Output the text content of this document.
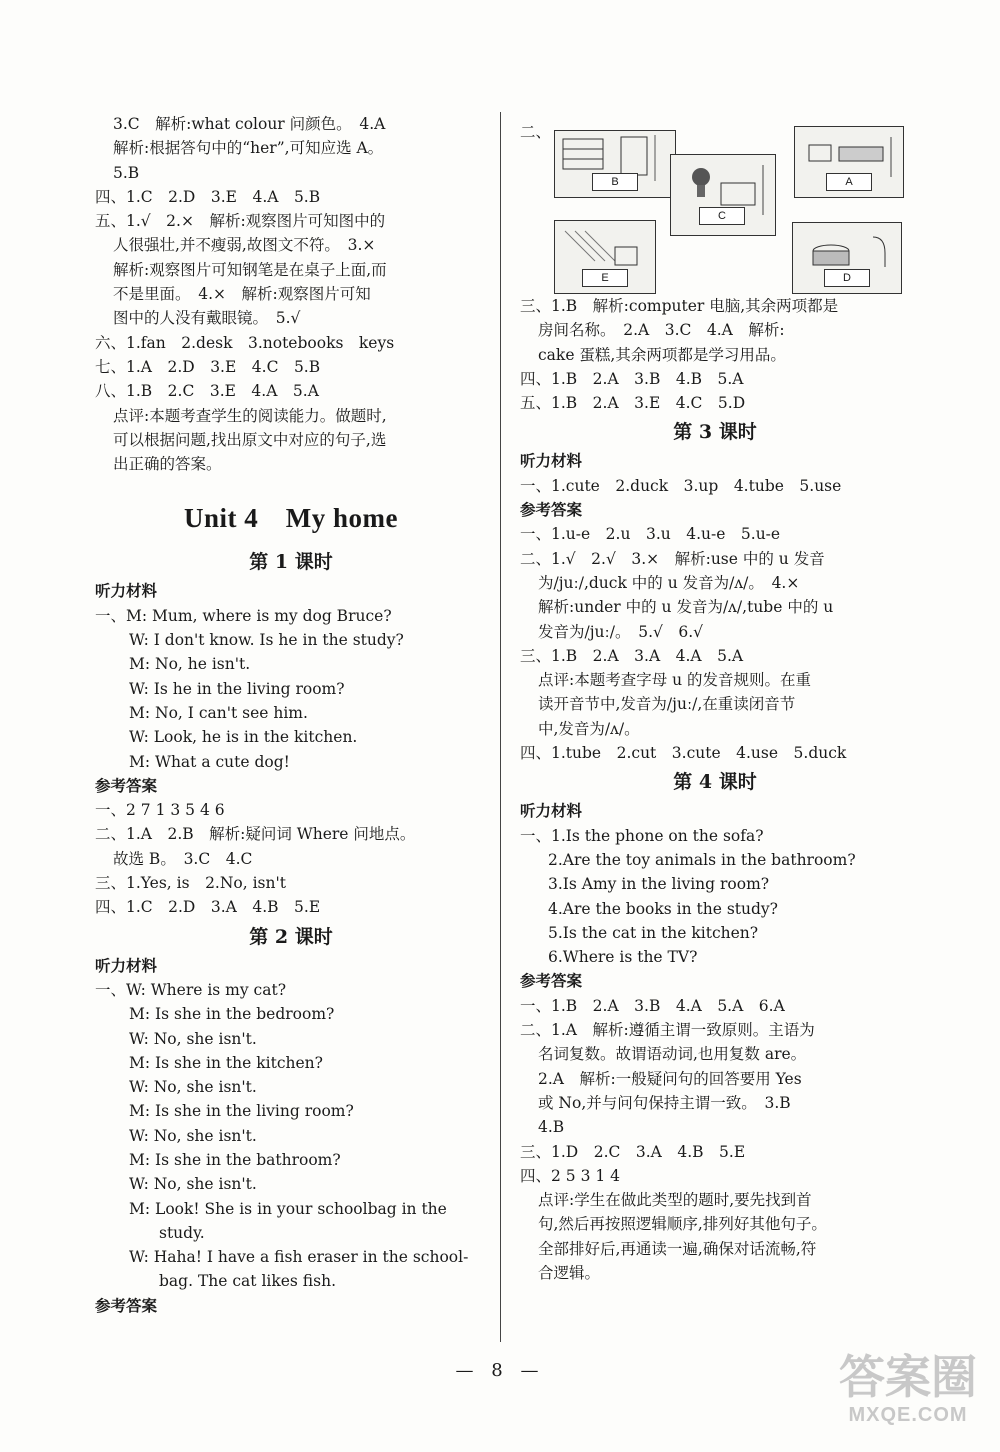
3.C　解析:what colour 问颜色。　4.A
解析:根据答句中的“her”,可知应选 A。
5.B
四、1.C　2.D　3.E　4.A　5.B
五、1.√　2.×　解析:观察图片可知图中的
人很强壮,并不瘦弱,故图文不符。　3.×
解析:观察图片可知钢笔是在桌子上面,而
不是里面。　4.×　解析:观察图片可知
图中的人没有戴眼镜。　5.√
六、1.fan　2.desk　3.notebooks　keys
七、1.A　2.D　3.E　4.C　5.B
八、1.B　2.C　3.E　4.A　5.A
点评:本题考查学生的阅读能力。做题时,
可以根据问题,找出原文中对应的句子,选
出正确的答案。
Unit 4　My home
第 1 课时
听力材料
一、M: Mum, where is my dog Bruce?
W: I don't know. Is he in the study?
M: No, he isn't.
W: Is he in the living room?
M: No, I can't see him.
W: Look, he is in the kitchen.
M: What a cute dog!
参考答案
一、2 7 1 3 5 4 6
二、1.A　2.B　解析:疑问词 Where 问地点。
故选 B。　3.C　4.C
三、1.Yes, is　2.No, isn't
四、1.C　2.D　3.A　4.B　5.E
第 2 课时
听力材料
一、W: Where is my cat?
M: Is she in the bedroom?
W: No, she isn't.
M: Is she in the kitchen?
W: No, she isn't.
M: Is she in the living room?
W: No, she isn't.
M: Is she in the bathroom?
W: No, she isn't.
M: Look! She is in your schoolbag in the
study.
W: Haha! I have a fish eraser in the school-
bag. The cat likes fish.
参考答案
二、
B
C
A
E	D
三、1.B　解析:computer 电脑,其余两项都是
房间名称。　2.A　3.C　4.A　解析:
cake 蛋糕,其余两项都是学习用品。
四、1.B　2.A　3.B　4.B　5.A
五、1.B　2.A　3.E　4.C　5.D
第 3 课时
听力材料
一、1.cute　2.duck　3.up　4.tube　5.use
参考答案
一、1.u-e　2.u　3.u　4.u-e　5.u-e
二、1.√　2.√　3.×　解析:use 中的 u 发音
为/juː/,duck 中的 u 发音为/ʌ/。　4.×
解析:under 中的 u 发音为/ʌ/,tube 中的 u
发音为/juː/。　5.√　6.√
三、1.B　2.A　3.A　4.A　5.A
点评:本题考查字母 u 的发音规则。在重
读开音节中,发音为/juː/,在重读闭音节
中,发音为/ʌ/。
四、1.tube　2.cut　3.cute　4.use　5.duck
第 4 课时
听力材料
一、1.Is the phone on the sofa?
2.Are the toy animals in the bathroom?
3.Is Amy in the living room?
4.Are the books in the study?
5.Is the cat in the kitchen?
6.Where is the TV?
参考答案
一、1.B　2.A　3.B　4.A　5.A　6.A
二、1.A　解析:遵循主谓一致原则。主语为
名词复数。故谓语动词,也用复数 are。
2.A　解析:一般疑问句的回答要用 Yes
或 No,并与问句保持主谓一致。　3.B
4.B
三、1.D　2.C　3.A　4.B　5.E
四、2 5 3 1 4
点评:学生在做此类型的题时,要先找到首
句,然后再按照逻辑顺序,排列好其他句子。
全部排好后,再通读一遍,确保对话流畅,符
合逻辑。
— 8 —	答案圈
MXQE.COM
